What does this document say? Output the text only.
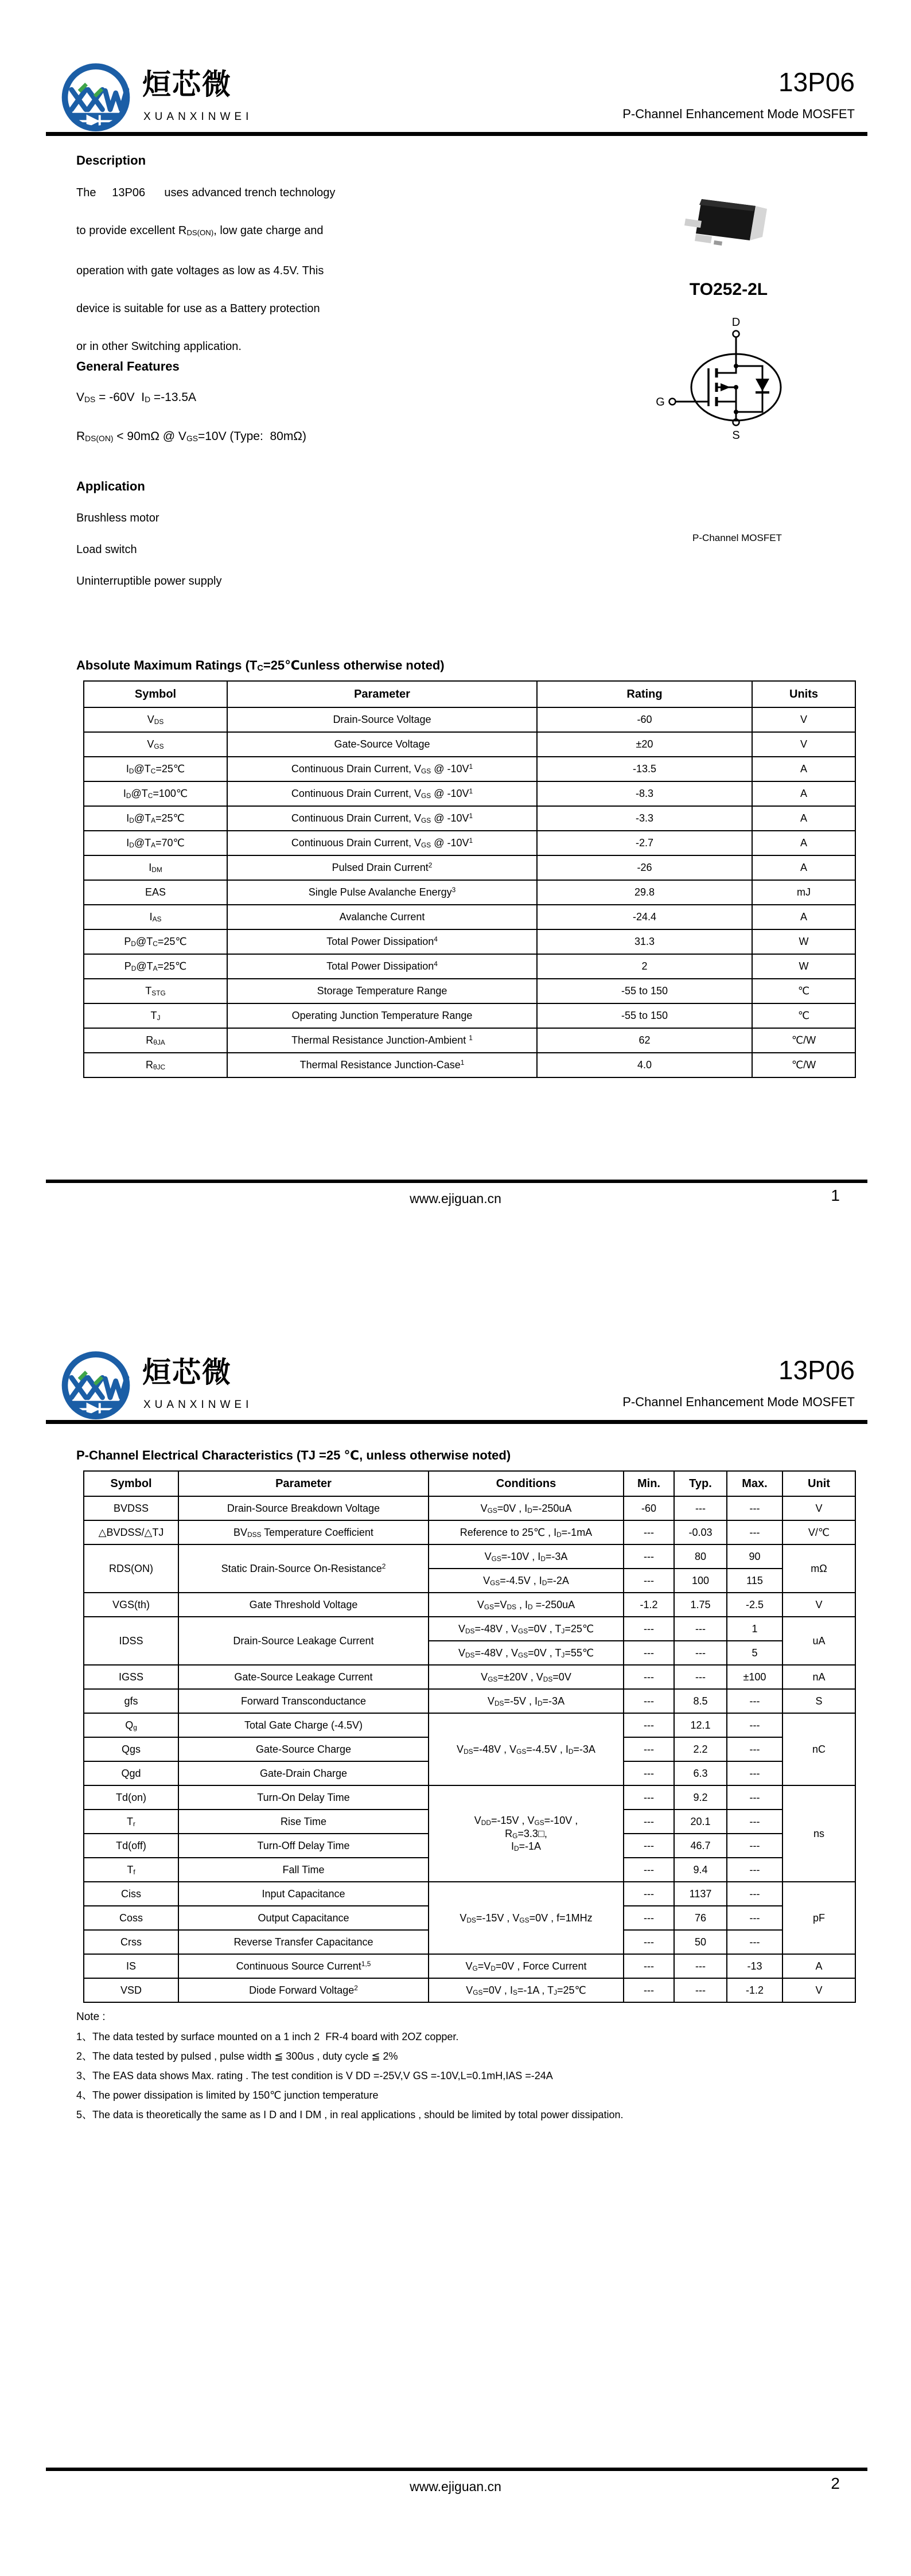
烜芯微
XUANXINWEI
13P06
P-Channel Enhancement Mode MOSFET
Description
The     13P06      uses advanced trench technology
to provide excellent $R_{DS(ON)}$, low gate charge and
operation with gate voltages as low as 4.5V. This
device is suitable for use as a Battery protection
or in other Switching application.
General Features
$V_{DS} = -60V$  $I_D =-13.5A$
$R_{DS(ON)} < 90m\Omega$ @ $V_{GS}=10V$ (Type:  80mΩ)
Application
Brushless motor
Load switch
Uninterruptible power supply
TO252-2L
D
G
S
P-Channel MOSFET
Absolute Maximum Ratings ($T_C=25℃unless$ otherwise noted)
Symbol	Parameter	Rating	Units
$V_{DS}$	Drain-Source Voltage	-60	V
$V_{GS}$	Gate-Source Voltage	±20	V
$I_D@T_C=25℃$	Continuous Drain Current, $V_{GS}$ @ $-10V^1$	-13.5	A
$I_D@T_C=100℃$	Continuous Drain Current, $V_{GS}$ @ $-10V^1$	-8.3	A
$I_D@T_A=25℃$	Continuous Drain Current, $V_{GS}$ @ $-10V^1$	-3.3	A
$I_D@T_A=70℃$	Continuous Drain Current, $V_{GS}$ @ $-10V^1$	-2.7	A
$I_{DM}$	Pulsed Drain Current$^2$	-26	A
EAS	Single Pulse Avalanche Energy$^3$	29.8	mJ
$I_{AS}$	Avalanche Current	-24.4	A
$P_D@T_C=25℃$	Total Power Dissipation$^4$	31.3	W
$P_D@T_A=25℃$	Total Power Dissipation$^4$	2	W
$T_{STG}$	Storage Temperature Range	-55 to 150	℃
$T_J$	Operating Junction Temperature Range	-55 to 150	℃
$R_{\theta JA}$	Thermal Resistance Junction-Ambient $^1$	62	℃/W
$R_{\theta JC}$	Thermal Resistance Junction-Case$^1$	4.0	℃/W
www.ejiguan.cn	1
烜芯微
XUANXINWEI
13P06
P-Channel Enhancement Mode MOSFET
P-Channel Electrical Characteristics (TJ =25 ℃, unless otherwise noted)
Symbol	Parameter	Conditions	Min.	Typ.	Max.	Unit
BVDSS	Drain-Source Breakdown Voltage	$V_{GS}=0V$ , $I_D=-250uA$	-60	---	---	V
△BVDSS/△TJ	$BV_{DSS}$ Temperature Coefficient	Reference to 25℃ , $I_D=-1mA$	---	-0.03	---	V/℃
RDS(ON)	Static Drain-Source On-Resistance$^2$	$V_{GS}=-10V$ , $I_D=-3A$	---	80	90	mΩ
		$V_{GS}=-4.5V$ , $I_D=-2A$	---	100	115	
VGS(th)	Gate Threshold Voltage	$V_{GS}=V_{DS}$ , $I_D =-250uA$	-1.2	1.75	-2.5	V
IDSS	Drain-Source Leakage Current	$V_{DS}=-48V$ , $V_{GS}=0V$ , $T_J=25℃$	---	---	1	uA
		$V_{DS}=-48V$ , $V_{GS}=0V$ , $T_J=55℃$	---	---	5	
IGSS	Gate-Source Leakage Current	$V_{GS}=\pm 20V$ , $V_{DS}=0V$	---	---	±100	nA
gfs	Forward Transconductance	$V_{DS}=-5V$ , $I_D=-3A$	---	8.5	---	S
$Q_g$	Total Gate Charge (-4.5V)	$V_{DS}=-48V$ , $V_{GS}=-4.5V$ , $I_D=-3A$	---	12.1	---	nC
Qgs	Gate-Source Charge		---	2.2	---	
Qgd	Gate-Drain Charge		---	6.3	---	
Td(on)	Turn-On Delay Time	$V_{DD}=-15V$ , $V_{GS}=-10V$ ,
$R_G=3.3□$,
$I_D=-1A$	---	9.2	---	ns
$T_r$	Rise Time		---	20.1	---	
Td(off)	Turn-Off Delay Time		---	46.7	---	
$T_f$	Fall Time		---	9.4	---	
Ciss	Input Capacitance	$V_{DS}=-15V$ , $V_{GS}=0V$ , f=1MHz	---	1137	---	pF
Coss	Output Capacitance		---	76	---	
Crss	Reverse Transfer Capacitance		---	50	---	
IS	Continuous Source Current$^{1,5}$	$V_G=V_D=0V$ , Force Current	---	---	-13	A
VSD	Diode Forward Voltage$^2$	$V_{GS}=0V$ , $I_S=-1A$ , $T_J=25℃$	---	---	-1.2	V
Note :
1、The data tested by surface mounted on a 1 inch 2  FR-4 board with 2OZ copper.
2、The data tested by pulsed , pulse width ≦ 300us , duty cycle ≦ 2%
3、The EAS data shows Max. rating . The test condition is V DD =-25V,V GS =-10V,L=0.1mH,IAS =-24A
4、The power dissipation is limited by 150℃ junction temperature
5、The data is theoretically the same as I D and I DM , in real applications , should be limited by total power dissipation.
www.ejiguan.cn	2
